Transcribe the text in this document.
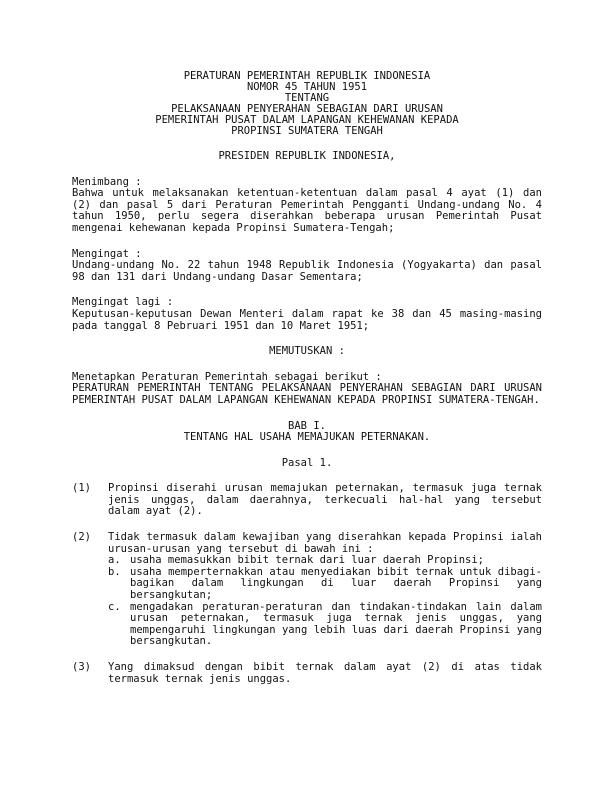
PERATURAN PEMERINTAH REPUBLIK INDONESIA
NOMOR 45 TAHUN 1951
TENTANG
PELAKSANAAN PENYERAHAN SEBAGIAN DARI URUSAN
PEMERINTAH PUSAT DALAM LAPANGAN KEHEWANAN KEPADA
PROPINSI SUMATERA TENGAH
PRESIDEN REPUBLIK INDONESIA,
Menimbang :
Bahwa untuk melaksanakan ketentuan-ketentuan dalam pasal 4 ayat (1) dan (2) dan pasal 5 dari Peraturan Pemerintah Pengganti Undang-undang No. 4 tahun 1950, perlu segera diserahkan beberapa urusan Pemerintah Pusat mengenai kehewanan kepada Propinsi Sumatera-Tengah;
Mengingat :
Undang-undang No. 22 tahun 1948 Republik Indonesia (Yogyakarta) dan pasal 98 dan 131 dari Undang-undang Dasar Sementara;
Mengingat lagi :
Keputusan-keputusan Dewan Menteri dalam rapat ke 38 dan 45 masing-masing pada tanggal 8 Pebruari 1951 dan 10 Maret 1951;
MEMUTUSKAN :
Menetapkan Peraturan Pemerintah sebagai berikut :
PERATURAN PEMERINTAH TENTANG PELAKSANAAN PENYERAHAN SEBAGIAN DARI URUSAN PEMERINTAH PUSAT DALAM LAPANGAN KEHEWANAN KEPADA PROPINSI SUMATERA-TENGAH.
BAB I.
TENTANG HAL USAHA MEMAJUKAN PETERNAKAN.
Pasal 1.
(1) Propinsi diserahi urusan memajukan peternakan, termasuk juga ternak jenis unggas, dalam daerahnya, terkecuali hal-hal yang tersebut dalam ayat (2).
(2) Tidak termasuk dalam kewajiban yang diserahkan kepada Propinsi ialah urusan-urusan yang tersebut di bawah ini :
a. usaha memasukkan bibit ternak dari luar daerah Propinsi;
b. usaha memperternakkan atau menyediakan bibit ternak untuk dibagi-bagikan dalam lingkungan di luar daerah Propinsi yang bersangkutan;
c. mengadakan peraturan-peraturan dan tindakan-tindakan lain dalam urusan peternakan, termasuk juga ternak jenis unggas, yang mempengaruhi lingkungan yang lebih luas dari daerah Propinsi yang bersangkutan.
(3) Yang dimaksud dengan bibit ternak dalam ayat (2) di atas tidak termasuk ternak jenis unggas.
